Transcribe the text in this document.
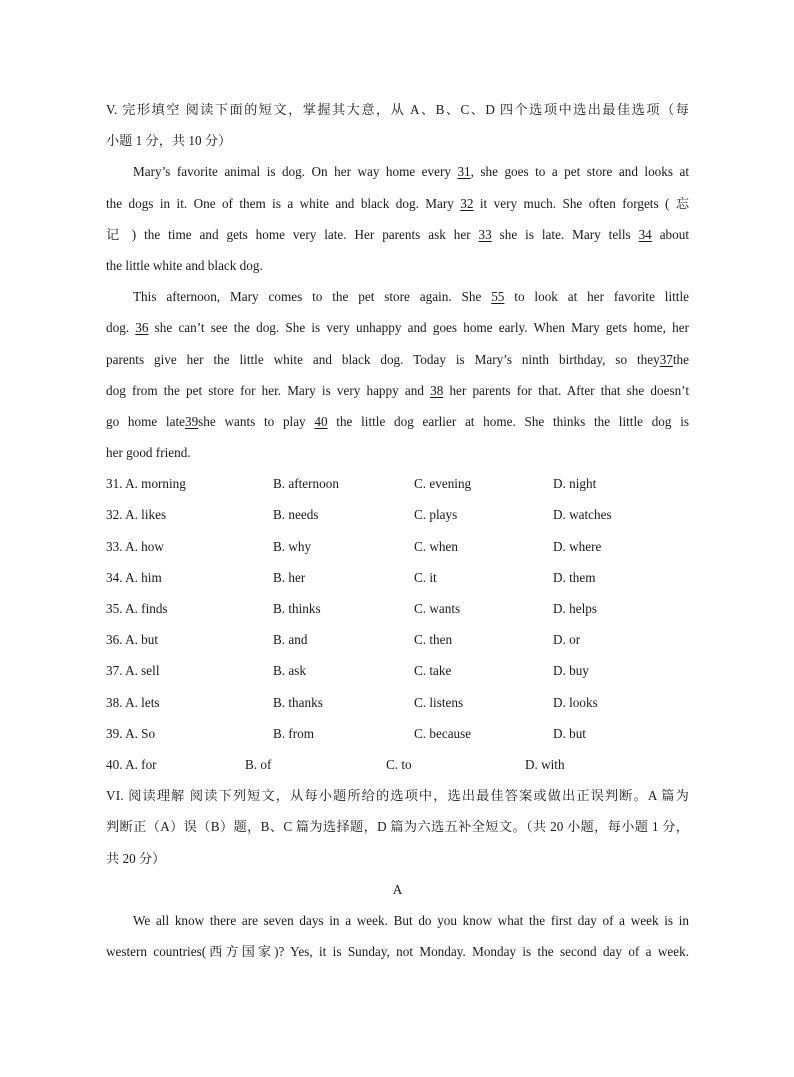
V. 完形填空 阅读下面的短文，掌握其大意，从 A、B、C、D 四个选项中选出最佳选项（每
小题 1 分，共 10 分）
Mary’s favorite animal is dog. On her way home every 31, she goes to a pet store and looks at
the dogs in it. One of them is a white and black dog. Mary 32 it very much. She often forgets ( 忘
记 ) the time and gets home very late. Her parents ask her 33 she is late. Mary tells 34 about
the little white and black dog.
This afternoon, Mary comes to the pet store again. She 55 to look at her favorite little
dog. 36 she can’t see the dog. She is very unhappy and goes home early. When Mary gets home, her
parents give her the little white and black dog. Today is Mary’s ninth birthday, so they37the
dog from the pet store for her. Mary is very happy and 38 her parents for that. After that she doesn’t
go home late39she wants to play 40 the little dog earlier at home. She thinks the little dog is
her good friend.
31. A. morning	B. afternoon	C. evening	D. night
32. A. likes	B. needs	C. plays	D. watches
33. A. how	B. why	C. when	D. where
34. A. him	B. her	C. it	D. them
35. A. finds	B. thinks	C. wants	D. helps
36. A. but	B. and	C. then	D. or
37. A. sell	B. ask	C. take	D. buy
38. A. lets	B. thanks	C. listens	D. looks
39. A. So	B. from	C. because	D. but
40. A. for	B. of	C. to	D. with
VI. 阅读理解 阅读下列短文，从每小题所给的选项中，选出最佳答案或做出正误判断。A 篇为
判断正（A）误（B）题，B、C 篇为选择题，D 篇为六选五补全短文。（共 20 小题，每小题 1 分，
共 20 分）
A
We all know there are seven days in a week. But do you know what the first day of a week is in
western countries(西方国家)? Yes, it is Sunday, not Monday. Monday is the second day of a week.
